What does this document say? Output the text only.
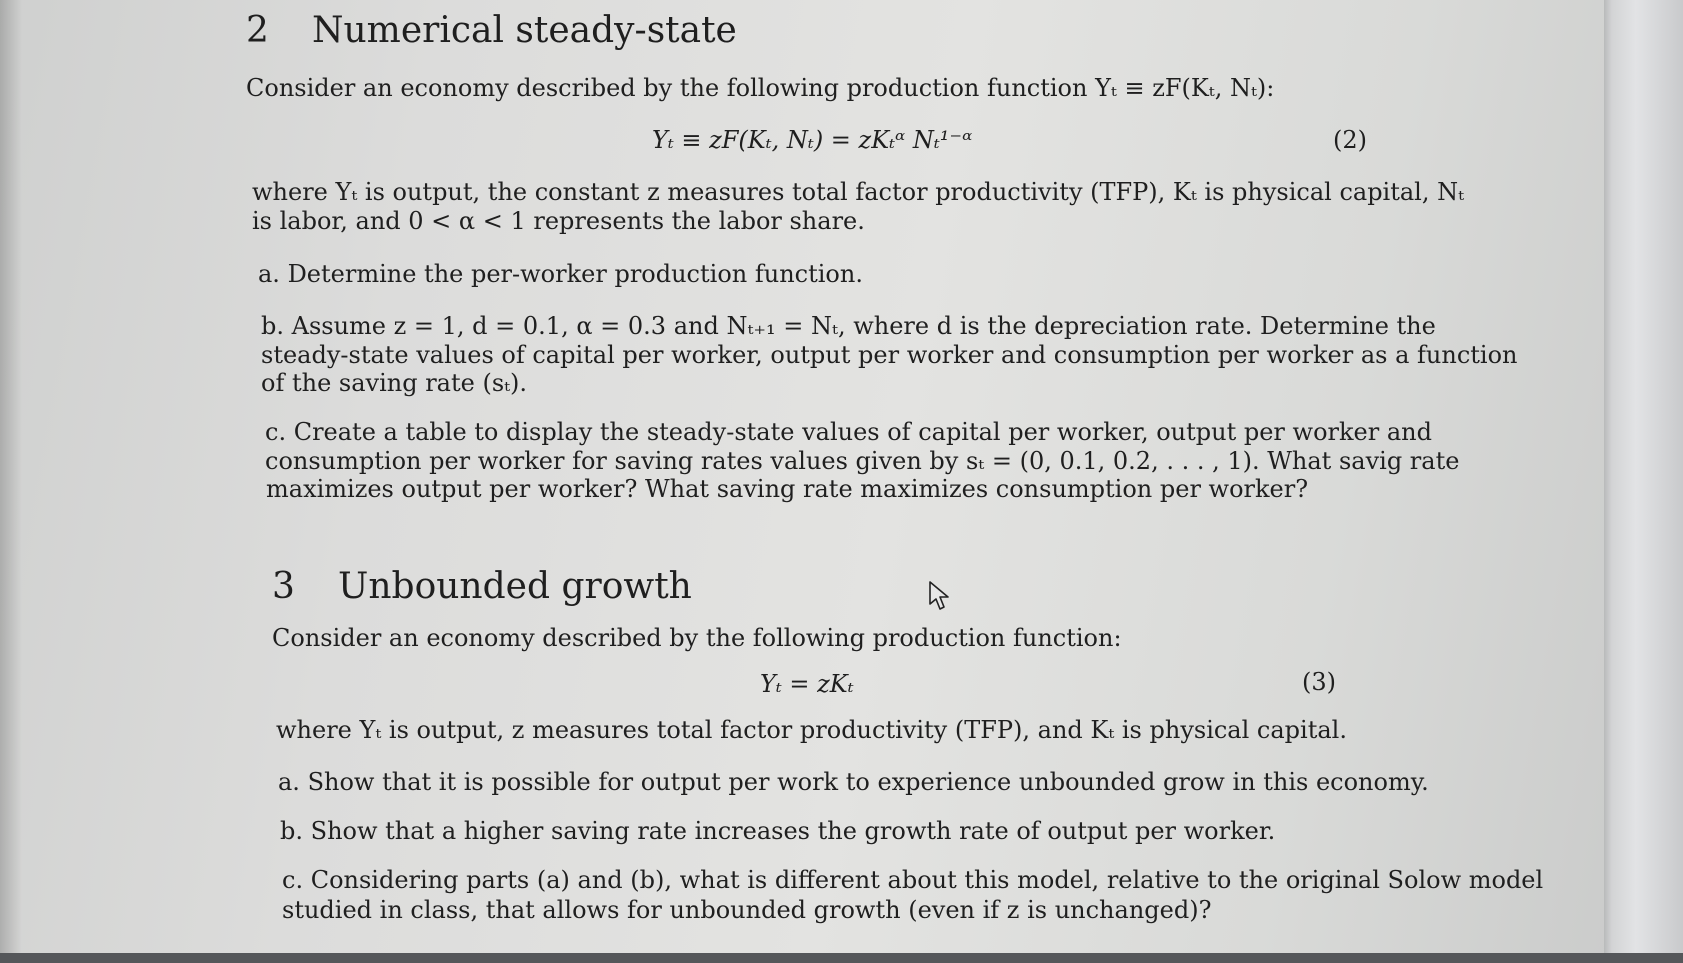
2 Numerical steady-state
Consider an economy described by the following production function Yₜ ≡ zF(Kₜ, Nₜ):
Yₜ ≡ zF(Kₜ, Nₜ) = zKₜᵅ Nₜ¹⁻ᵅ	(2)
where Yₜ is output, the constant z measures total factor productivity (TFP), Kₜ is physical capital, Nₜ
is labor, and 0 < α < 1 represents the labor share.
a. Determine the per-worker production function.
b. Assume z = 1, d = 0.1, α = 0.3 and Nₜ₊₁ = Nₜ, where d is the depreciation rate. Determine the
steady-state values of capital per worker, output per worker and consumption per worker as a function
of the saving rate (sₜ).
c. Create a table to display the steady-state values of capital per worker, output per worker and
consumption per worker for saving rates values given by sₜ = (0, 0.1, 0.2, . . . , 1). What savig rate
maximizes output per worker? What saving rate maximizes consumption per worker?
3 Unbounded growth
Consider an economy described by the following production function:
Yₜ = zKₜ	(3)
where Yₜ is output, z measures total factor productivity (TFP), and Kₜ is physical capital.
a. Show that it is possible for output per work to experience unbounded grow in this economy.
b. Show that a higher saving rate increases the growth rate of output per worker.
c. Considering parts (a) and (b), what is different about this model, relative to the original Solow model
studied in class, that allows for unbounded growth (even if z is unchanged)?
